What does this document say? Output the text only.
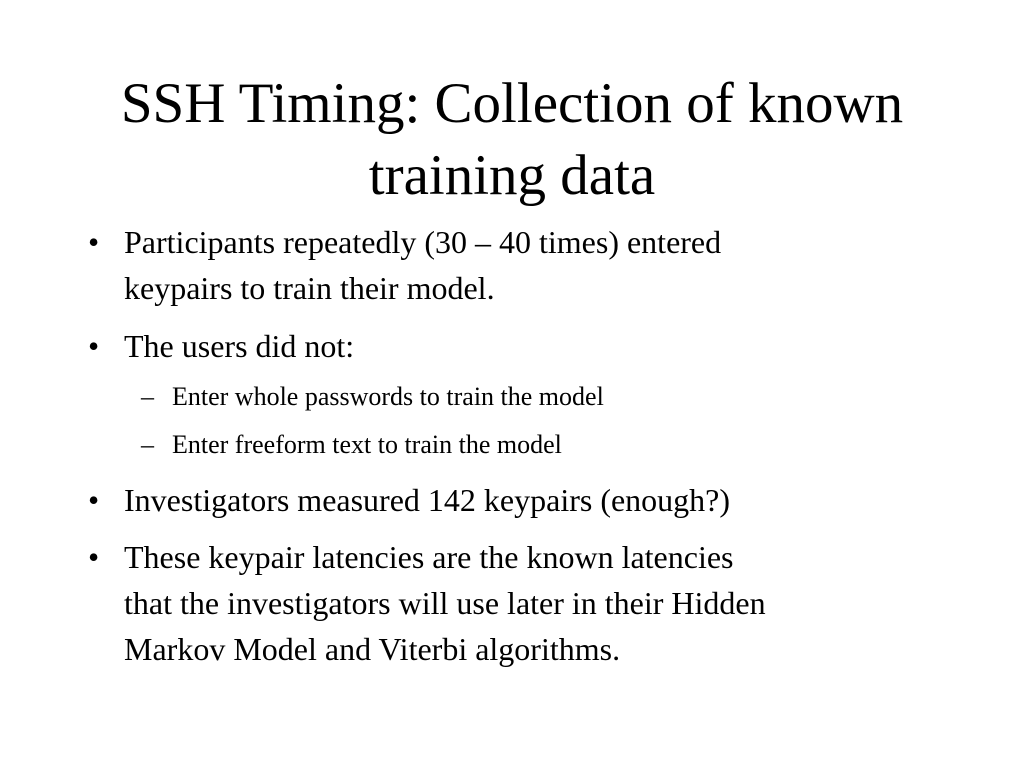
SSH Timing: Collection of known
training data
• Participants repeatedly (30 – 40 times) entered
keypairs to train their model.
• The users did not:
– Enter whole passwords to train the model
– Enter freeform text to train the model
• Investigators measured 142 keypairs (enough?)
• These keypair latencies are the known latencies
that the investigators will use later in their Hidden
Markov Model and Viterbi algorithms.
